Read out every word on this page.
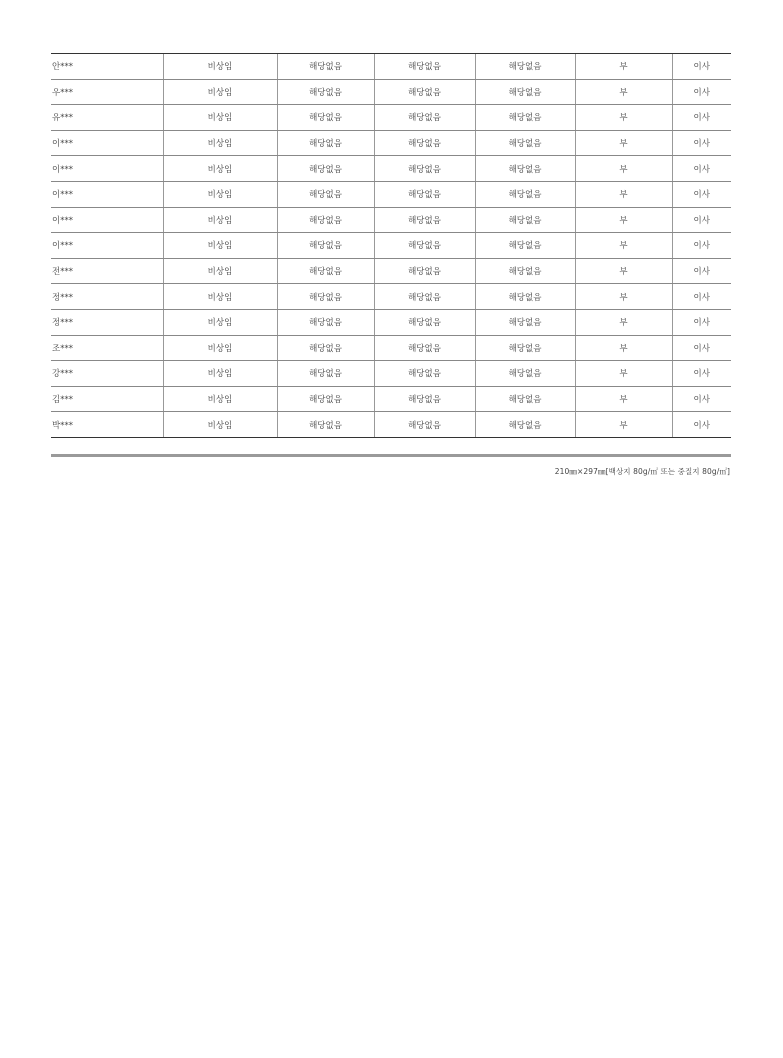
안***	비상임	해당없음	해당없음	해당없음	부	이사
우***	비상임	해당없음	해당없음	해당없음	부	이사
유***	비상임	해당없음	해당없음	해당없음	부	이사
이***	비상임	해당없음	해당없음	해당없음	부	이사
이***	비상임	해당없음	해당없음	해당없음	부	이사
이***	비상임	해당없음	해당없음	해당없음	부	이사
이***	비상임	해당없음	해당없음	해당없음	부	이사
이***	비상임	해당없음	해당없음	해당없음	부	이사
전***	비상임	해당없음	해당없음	해당없음	부	이사
정***	비상임	해당없음	해당없음	해당없음	부	이사
정***	비상임	해당없음	해당없음	해당없음	부	이사
조***	비상임	해당없음	해당없음	해당없음	부	이사
강***	비상임	해당없음	해당없음	해당없음	부	이사
김***	비상임	해당없음	해당없음	해당없음	부	이사
박***	비상임	해당없음	해당없음	해당없음	부	이사
210㎜×297㎜[백상지 80g/㎡ 또는 중질지 80g/㎡]
